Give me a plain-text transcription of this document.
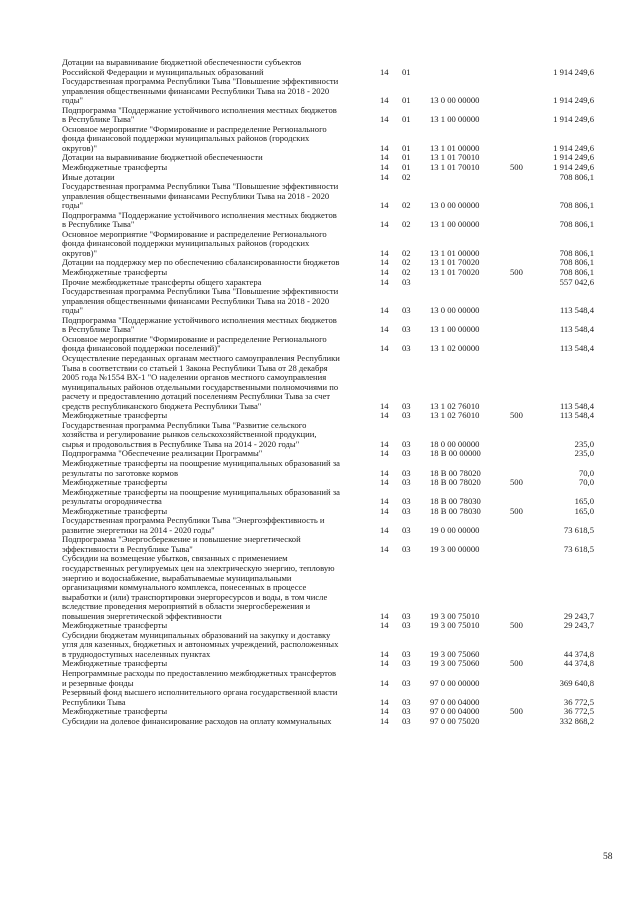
Дотации на выравнивание бюджетной обеспеченности субъектов
Российской Федерации и муниципальных образований	14 01	1 914 249,6
Государственная программа Республики Тыва "Повышение эффективности
управления общественными финансами Республики Тыва на 2018 - 2020
годы"	14 01 13 0 00 00000	1 914 249,6
Подпрограмма "Поддержание устойчивого исполнения местных бюджетов
в Республике Тыва"	14 01 13 1 00 00000	1 914 249,6
Основное мероприятие "Формирование и распределение Регионального
фонда финансовой поддержки муниципальных районов (городских
округов)"	14 01 13 1 01 00000	1 914 249,6
Дотации на выравнивание бюджетной обеспеченности	14 01 13 1 01 70010	1 914 249,6
Межбюджетные трансферты	14 01 13 1 01 70010	500	1 914 249,6
Иные дотации	14 02	708 806,1
Государственная программа Республики Тыва "Повышение эффективности
управления общественными финансами Республики Тыва на 2018 - 2020
годы"	14 02 13 0 00 00000	708 806,1
Подпрограмма "Поддержание устойчивого исполнения местных бюджетов
в Республике Тыва"	14 02 13 1 00 00000	708 806,1
Основное мероприятие "Формирование и распределение Регионального
фонда финансовой поддержки муниципальных районов (городских
округов)"	14 02 13 1 01 00000	708 806,1
Дотации на поддержку мер по обеспечению сбалансированности бюджетов	14 02 13 1 01 70020	708 806,1
Межбюджетные трансферты	14 02 13 1 01 70020	500	708 806,1
Прочие межбюджетные трансферты общего характера	14 03	557 042,6
Государственная программа Республики Тыва "Повышение эффективности
управления общественными финансами Республики Тыва на 2018 - 2020
годы"	14 03 13 0 00 00000	113 548,4
Подпрограмма "Поддержание устойчивого исполнения местных бюджетов
в Республике Тыва"	14 03 13 1 00 00000	113 548,4
Основное мероприятие "Формирование и распределение Регионального
фонда финансовой поддержки поселений)"	14 03 13 1 02 00000	113 548,4
Осуществление переданных органам местного самоуправления Республики
Тыва в соответствии со статьей 1 Закона Республики Тыва от 28 декабря
2005 года №1554 ВХ-1 "О наделении органов местного самоуправления
муниципальных районов отдельными государственными полномочиями по
расчету и предоставлению дотаций поселениям Республики Тыва за счет
средств республиканского бюджета Республики Тыва"	14 03 13 1 02 76010	113 548,4
Межбюджетные трансферты	14 03 13 1 02 76010	500	113 548,4
Государственная программа Республики Тыва "Развитие сельского
хозяйства и регулирование рынков сельскохозяйственной продукции,
сырья и продовольствия в Республике Тыва на 2014 - 2020 годы"	14 03 18 0 00 00000	235,0
Подпрограмма "Обеспечение реализации Программы"	14 03 18 В 00 00000	235,0
Межбюджетные трансферты на поощрение муниципальных образований за
результаты по заготовке кормов	14 03 18 В 00 78020	70,0
Межбюджетные трансферты	14 03 18 В 00 78020	500	70,0
Межбюджетные трансферты на поощрение муниципальных образований за
результаты огородничества	14 03 18 В 00 78030	165,0
Межбюджетные трансферты	14 03 18 В 00 78030	500	165,0
Государственная программа Республики Тыва "Энергоэффективность и
развитие энергетики на 2014 - 2020 годы"	14 03 19 0 00 00000	73 618,5
Подпрограмма "Энергосбережение и повышение энергетической
эффективности в Республике Тыва"	14 03 19 3 00 00000	73 618,5
Субсидии на возмещение убытков, связанных с применением
государственных регулируемых цен на электрическую энергию, тепловую
энергию и водоснабжение, вырабатываемые муниципальными
организациями коммунального комплекса, понесенных в процессе
выработки и (или) транспортировки энергоресурсов и воды, в том числе
вследствие проведения мероприятий в области энергосбережения и
повышения энергетической эффективности	14 03 19 3 00 75010	29 243,7
Межбюджетные трансферты	14 03 19 3 00 75010	500	29 243,7
Субсидии бюджетам муниципальных образований на закупку и доставку
угля для казенных, бюджетных и автономных учреждений, расположенных
в труднодоступных населенных пунктах	14 03 19 3 00 75060	44 374,8
Межбюджетные трансферты	14 03 19 3 00 75060	500	44 374,8
Непрограммные расходы по предоставлению межбюджетных трансфертов
и резервные фонды	14 03 97 0 00 00000	369 640,8
Резервный фонд высшего исполнительного органа государственной власти
Республики Тыва	14 03 97 0 00 04000	36 772,5
Межбюджетные трансферты	14 03 97 0 00 04000	500	36 772,5
Субсидии на долевое финансирование расходов на оплату коммунальных	14 03 97 0 00 75020	332 868,2
58
